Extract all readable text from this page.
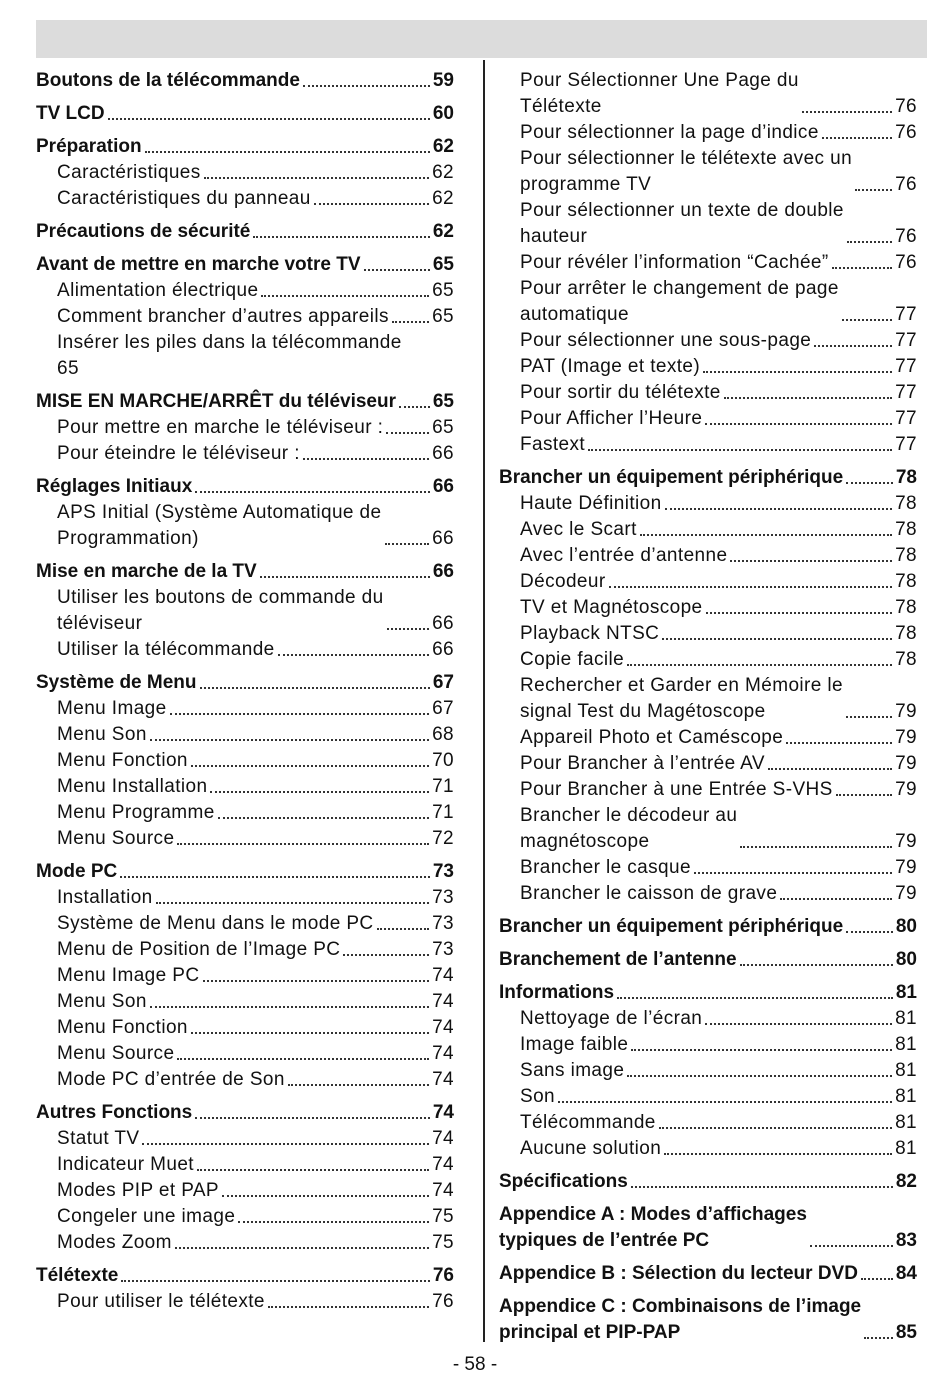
Boutons de la télécommande	59
TV LCD	60
Préparation	62
Caractéristiques	62
Caractéristiques du panneau	62
Précautions de sécurité	62
Avant de mettre en marche votre TV	65
Alimentation électrique	65
Comment brancher d’autres appareils 65
Insérer les piles dans la télécommande
65
MISE EN MARCHE/ARRÊT du téléviseur 65
Pour mettre en marche le téléviseur :	65
Pour éteindre le téléviseur :	66
Réglages Initiaux	66
APS Initial (Système Automatique de
Programmation)	66
Mise en marche de la TV	66
Utiliser les boutons de commande du
téléviseur	66
Utiliser la télécommande	66
Système de Menu	67
Menu Image	67
Menu Son	68
Menu Fonction	70
Menu Installation	71
Menu Programme	71
Menu Source	72
Mode PC	73
Installation	73
Système de Menu dans le mode PC	73
Menu de Position de l’Image PC	73
Menu Image PC	74
Menu Son	74
Menu Fonction	74
Menu Source	74
Mode PC d’entrée de Son	74
Autres Fonctions	74
Statut TV	74
Indicateur Muet	74
Modes PIP et PAP	74
Congeler une image	75
Modes Zoom	75
Télétexte	76
Pour utiliser le télétexte	76
Pour Sélectionner Une Page du
Télétexte	76
Pour sélectionner la page d’indice	76
Pour sélectionner le télétexte avec un
programme TV	76
Pour sélectionner un texte de double
hauteur	76
Pour révéler l’information “Cachée”	76
Pour arrêter le changement de page
automatique	77
Pour sélectionner une sous-page	77
PAT (Image et texte)	77
Pour sortir du télétexte	77
Pour Afficher l’Heure	77
Fastext	77
Brancher un équipement périphérique	78
Haute Définition	78
Avec le Scart	78
Avec l’entrée d’antenne	78
Décodeur	78
TV et Magnétoscope	78
Playback NTSC	78
Copie facile	78
Rechercher et Garder en Mémoire le
signal Test du Magétoscope	79
Appareil Photo et Caméscope	79
Pour Brancher à l’entrée AV	79
Pour Brancher à une Entrée S-VHS	79
Brancher le décodeur au
magnétoscope	79
Brancher le casque	79
Brancher le caisson de grave	79
Brancher un équipement périphérique	80
Branchement de l’antenne	80
Informations	81
Nettoyage de l’écran	81
Image faible	81
Sans image	81
Son	81
Télécommande	81
Aucune solution	81
Spécifications	82
Appendice A : Modes d’affichages
typiques de l’entrée PC	83
Appendice B : Sélection du lecteur DVD 84
Appendice C : Combinaisons de l’image
principal et PIP-PAP	85
- 58 -
